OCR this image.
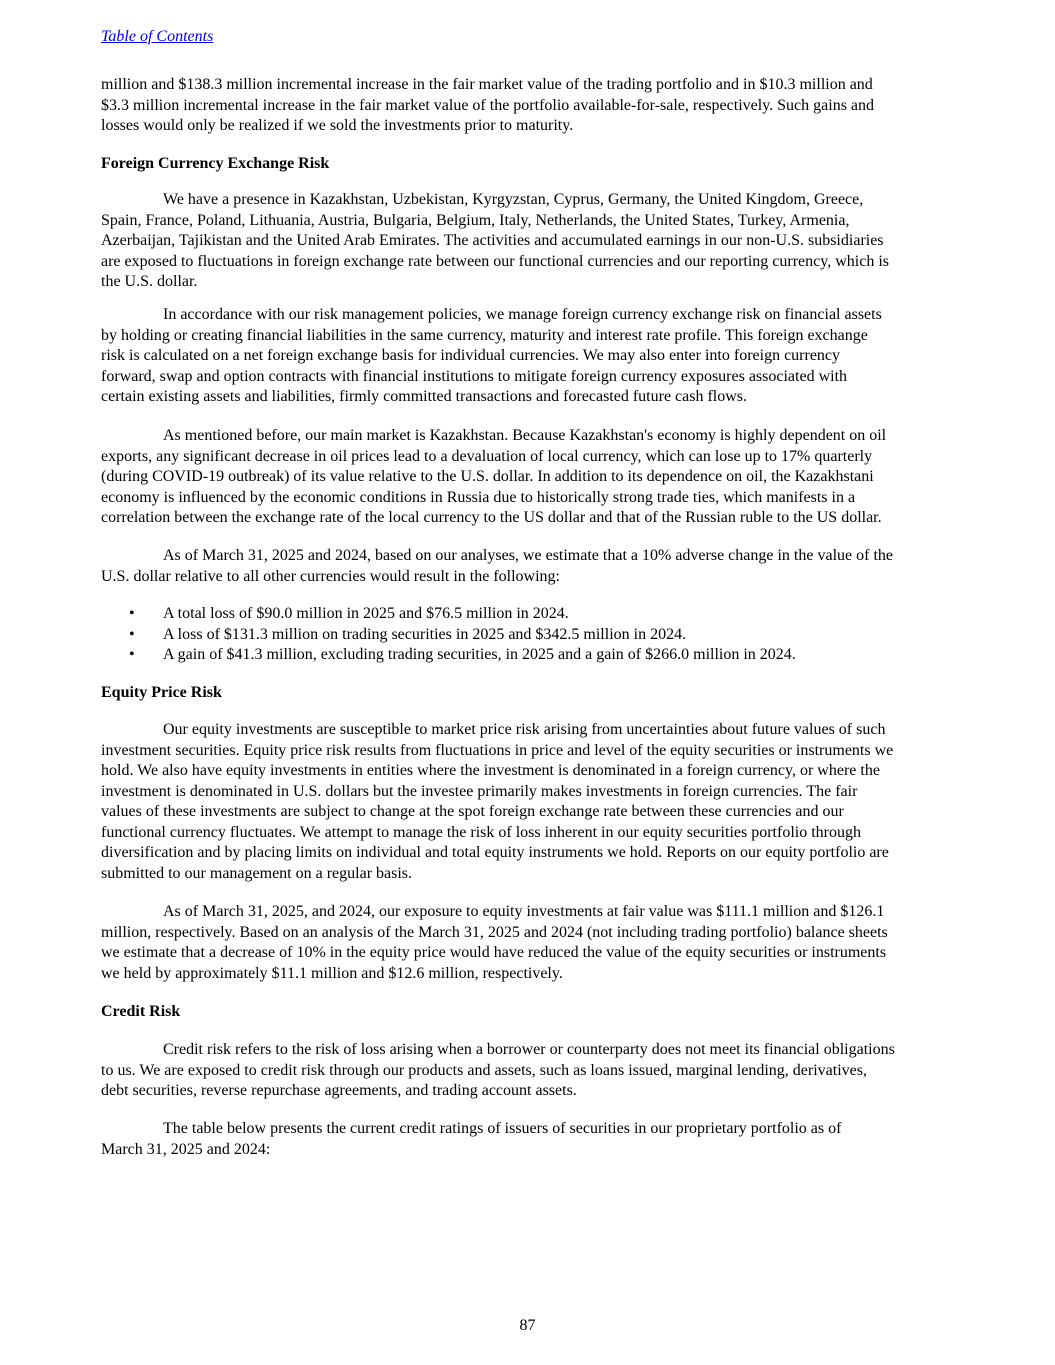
Table of Contents
million and $138.3 million incremental increase in the fair market value of the trading portfolio and in $10.3 million and
$3.3 million incremental increase in the fair market value of the portfolio available-for-sale, respectively. Such gains and
losses would only be realized if we sold the investments prior to maturity.
Foreign Currency Exchange Risk
We have a presence in Kazakhstan, Uzbekistan, Kyrgyzstan, Cyprus, Germany, the United Kingdom, Greece,
Spain, France, Poland, Lithuania, Austria, Bulgaria, Belgium, Italy, Netherlands, the United States, Turkey, Armenia,
Azerbaijan, Tajikistan and the United Arab Emirates. The activities and accumulated earnings in our non-U.S. subsidiaries
are exposed to fluctuations in foreign exchange rate between our functional currencies and our reporting currency, which is
the U.S. dollar.
In accordance with our risk management policies, we manage foreign currency exchange risk on financial assets
by holding or creating financial liabilities in the same currency, maturity and interest rate profile. This foreign exchange
risk is calculated on a net foreign exchange basis for individual currencies. We may also enter into foreign currency
forward, swap and option contracts with financial institutions to mitigate foreign currency exposures associated with
certain existing assets and liabilities, firmly committed transactions and forecasted future cash flows.
As mentioned before, our main market is Kazakhstan. Because Kazakhstan's economy is highly dependent on oil
exports, any significant decrease in oil prices lead to a devaluation of local currency, which can lose up to 17% quarterly
(during COVID-19 outbreak) of its value relative to the U.S. dollar. In addition to its dependence on oil, the Kazakhstani
economy is influenced by the economic conditions in Russia due to historically strong trade ties, which manifests in a
correlation between the exchange rate of the local currency to the US dollar and that of the Russian ruble to the US dollar.
As of March 31, 2025 and 2024, based on our analyses, we estimate that a 10% adverse change in the value of the
U.S. dollar relative to all other currencies would result in the following:
• A total loss of $90.0 million in 2025 and $76.5 million in 2024.
• A loss of $131.3 million on trading securities in 2025 and $342.5 million in 2024.
• A gain of $41.3 million, excluding trading securities, in 2025 and a gain of $266.0 million in 2024.
Equity Price Risk
Our equity investments are susceptible to market price risk arising from uncertainties about future values of such
investment securities. Equity price risk results from fluctuations in price and level of the equity securities or instruments we
hold. We also have equity investments in entities where the investment is denominated in a foreign currency, or where the
investment is denominated in U.S. dollars but the investee primarily makes investments in foreign currencies. The fair
values of these investments are subject to change at the spot foreign exchange rate between these currencies and our
functional currency fluctuates. We attempt to manage the risk of loss inherent in our equity securities portfolio through
diversification and by placing limits on individual and total equity instruments we hold. Reports on our equity portfolio are
submitted to our management on a regular basis.
As of March 31, 2025, and 2024, our exposure to equity investments at fair value was $111.1 million and $126.1
million, respectively. Based on an analysis of the March 31, 2025 and 2024 (not including trading portfolio) balance sheets
we estimate that a decrease of 10% in the equity price would have reduced the value of the equity securities or instruments
we held by approximately $11.1 million and $12.6 million, respectively.
Credit Risk
Credit risk refers to the risk of loss arising when a borrower or counterparty does not meet its financial obligations
to us. We are exposed to credit risk through our products and assets, such as loans issued, marginal lending, derivatives,
debt securities, reverse repurchase agreements, and trading account assets.
The table below presents the current credit ratings of issuers of securities in our proprietary portfolio as of
March 31, 2025 and 2024:
87
